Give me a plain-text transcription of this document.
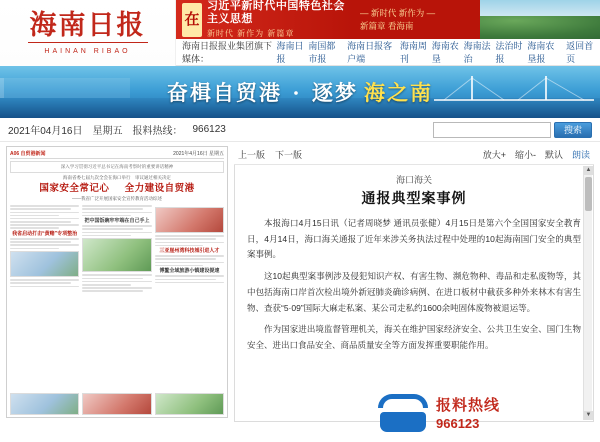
海南日报
HAINAN RIBAO
在
习近平新时代中国特色社会主义思想
新时代 新作为 新篇章
— 新时代 新作为 —
新篇章 看海南
海南日报报业集团旗下媒体：
海南日报
南国都市报
海南日报客户端
海南周刊
海南农垦
海南法治
法治时报
海南农垦报
返回首页
奋楫自贸港 ・ 逐梦 海之南
2021年04月16日 星期五 报料热线： 966123	搜索
A06 自贸港新闻	2021年4月16日 星期五
深入学习贯彻习近平总书记在海南考察时的重要讲话精神
海南省委七届九次全会在海口举行　审议通过相关决定
国家安全常记心 全力建设自贸港
——我省广泛开展国家安全宣传教育活动综述
我省启动打击“黄赌”专项整治
把中国饭碗牢牢端在自己手上
三亚崖州湾科技城引进人才
博鳌全域旅游小镇建设提速
上一版 下一版	放大+ 缩小- 默认 朗读
海口海关
通报典型案事例

本报海口4月15日讯（记者周晓梦 通讯员张健）4月15日是第六个全国国家安全教育日，4月14日，海口海关通报了近年来涉关务执法过程中处理的10起海南国门安全的典型案事例。

这10起典型案事例涉及侵犯知识产权、有害生物、濒危物种、毒品和走私废物等，其中包括海南口岸首次检出境外新冠肺炎确诊病例、在进口板材中截获多种外来林木有害生物、查获“5·09”国际大麻走私案、某公司走私约1600余吨固体废物被退运等。

作为国家进出境监督管理机关，海关在维护国家经济安全、公共卫生安全、国门生物安全、进出口食品安全、商品质量安全等方面发挥重要职能作用。

▲
▼
报料热线
966123
